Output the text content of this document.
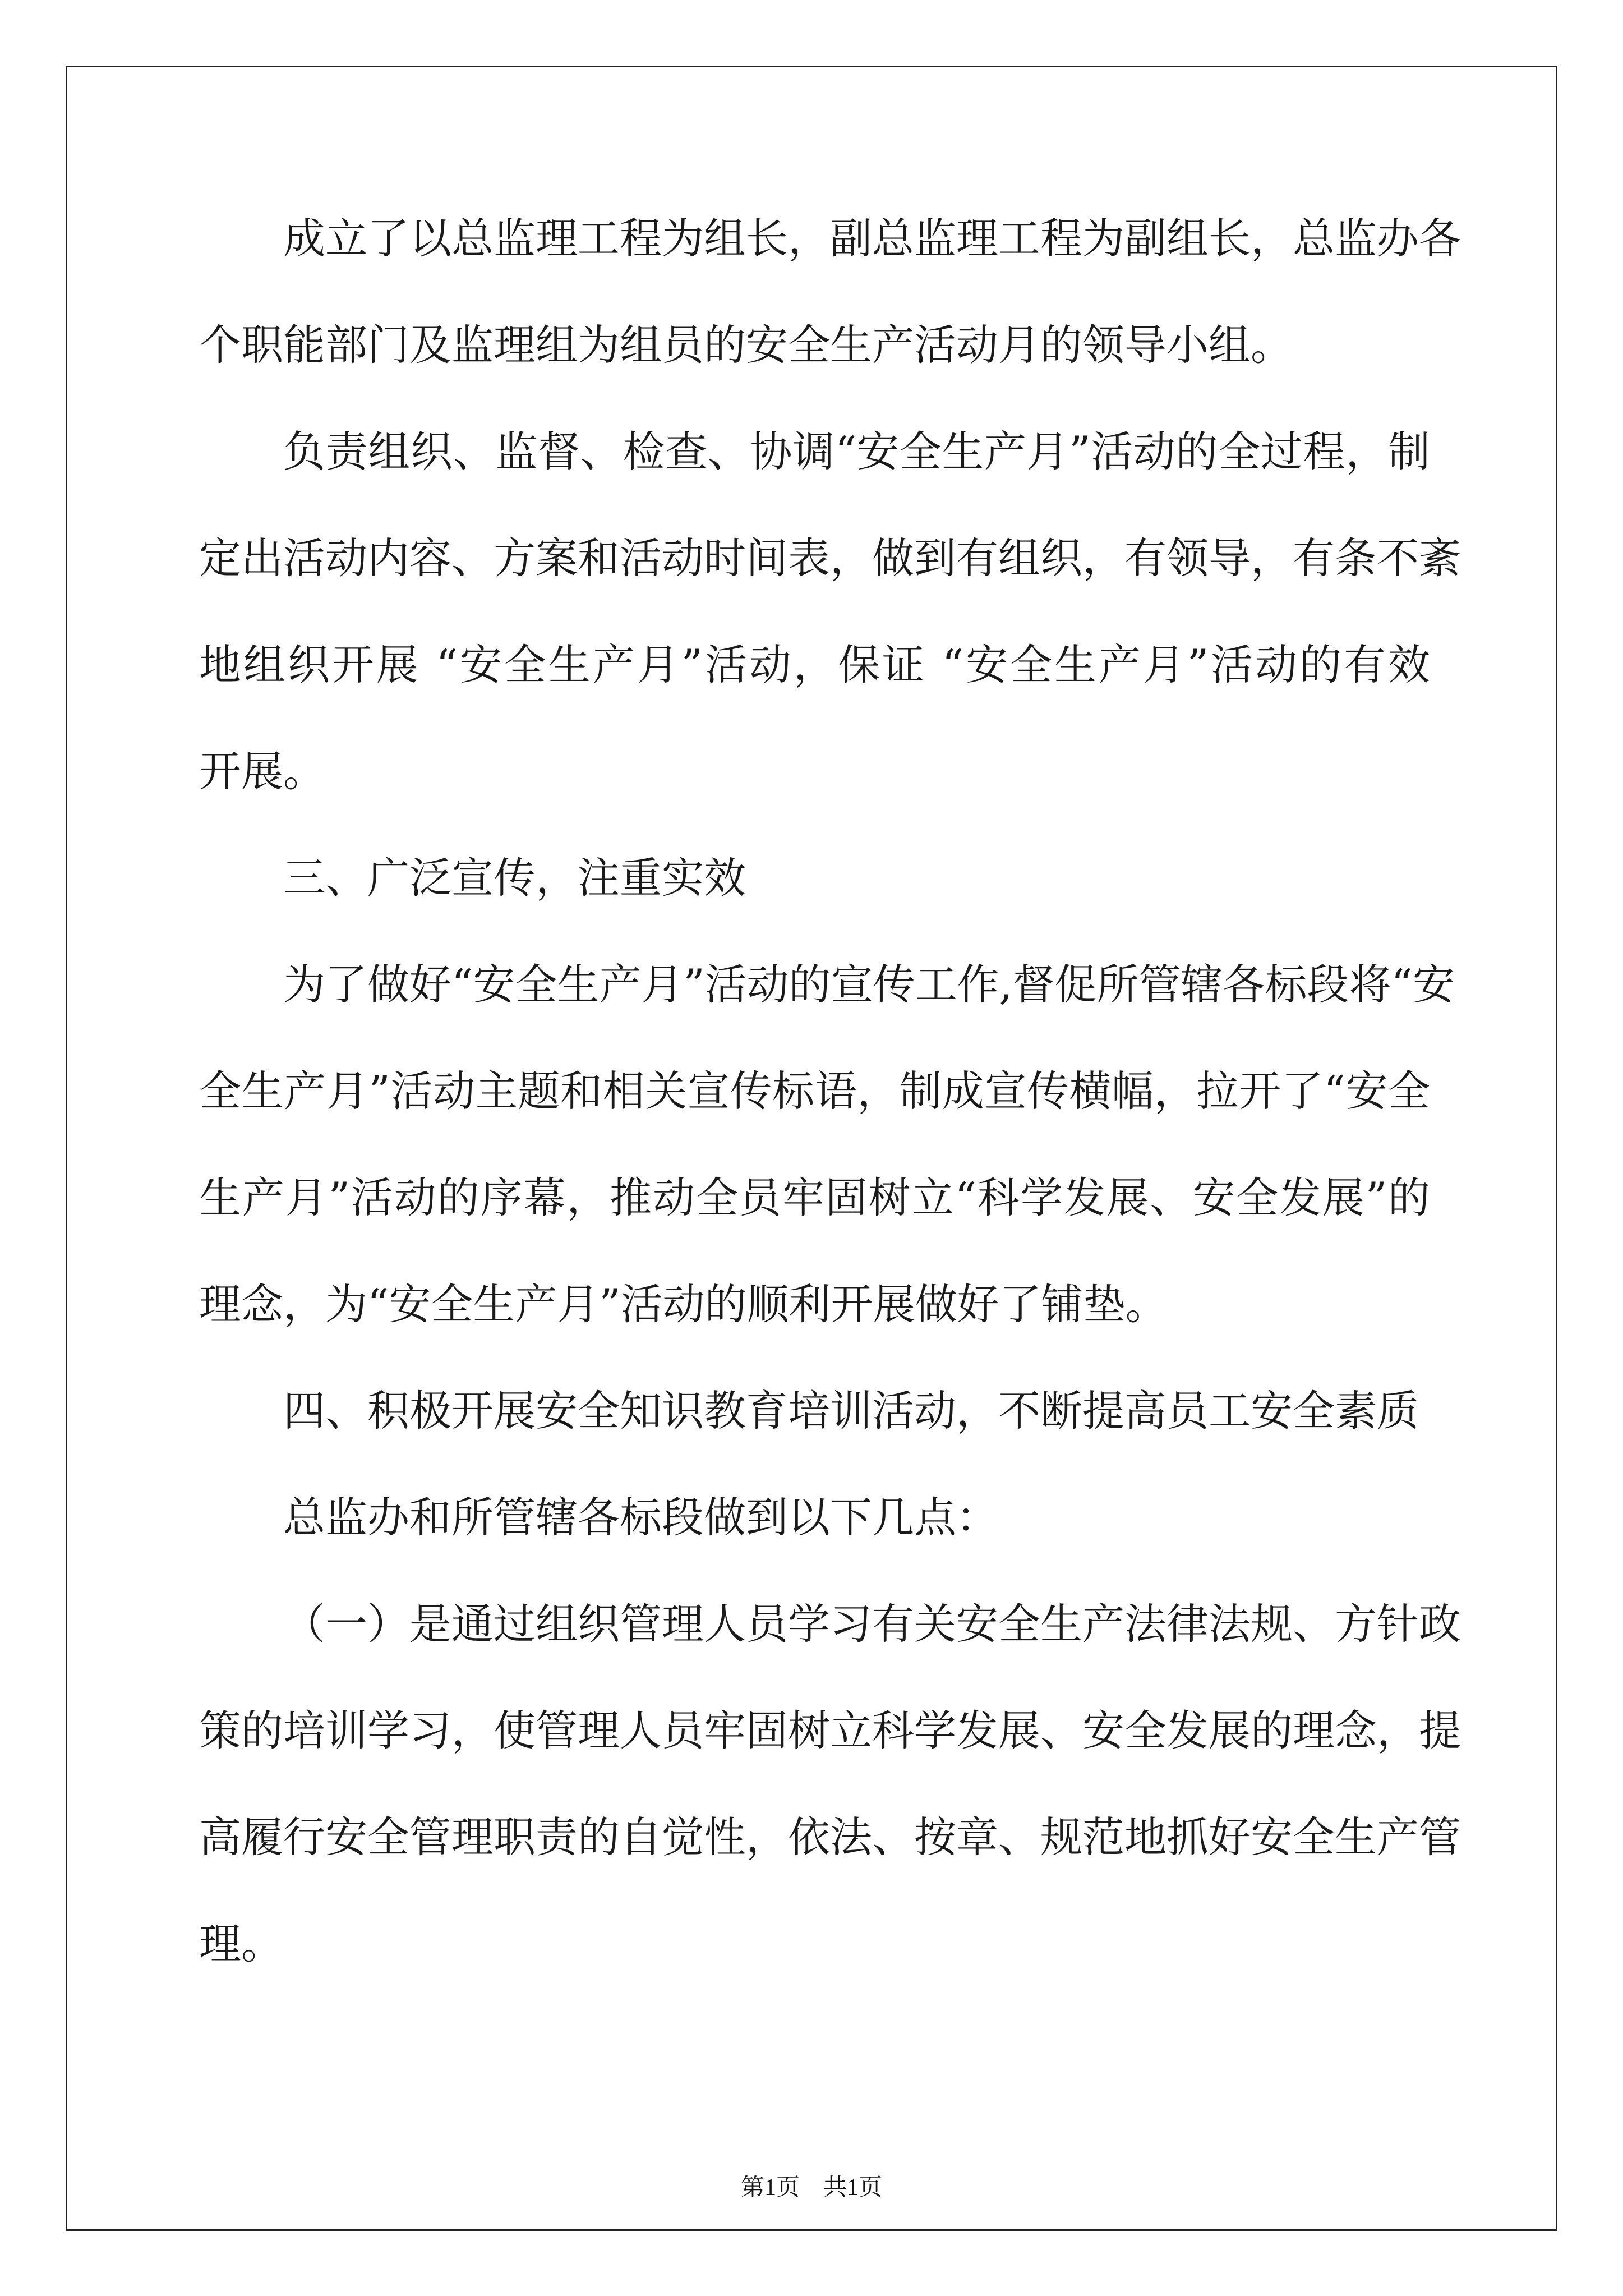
成立了以总监理工程为组长，副总监理工程为副组长，总监办各
个职能部门及监理组为组员的安全生产活动月的领导小组。
负责组织、监督、检查、协调“安全生产月”活动的全过程，制
定出活动内容、方案和活动时间表，做到有组织，有领导，有条不紊
地组织开展 “安全生产月”活动，保证 “安全生产月”活动的有效
开展。
三、广泛宣传，注重实效
为了做好“安全生产月”活动的宣传工作,督促所管辖各标段将“安
全生产月”活动主题和相关宣传标语，制成宣传横幅，拉开了“安全
生产月”活动的序幕，推动全员牢固树立“科学发展、安全发展”的
理念，为“安全生产月”活动的顺利开展做好了铺垫。
四、积极开展安全知识教育培训活动，不断提高员工安全素质
总监办和所管辖各标段做到以下几点：
（一）是通过组织管理人员学习有关安全生产法律法规、方针政
策的培训学习，使管理人员牢固树立科学发展、安全发展的理念，提
高履行安全管理职责的自觉性，依法、按章、规范地抓好安全生产管
理。
第1页　共1页
